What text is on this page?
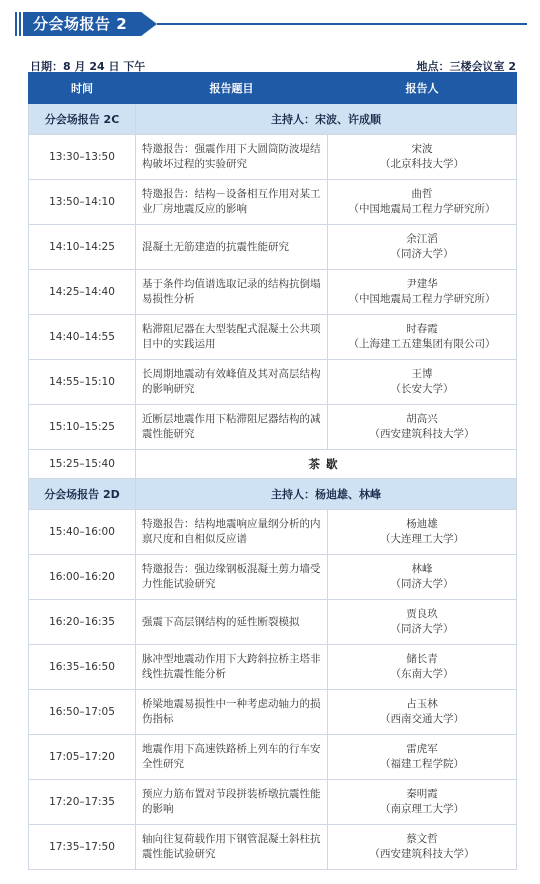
分会场报告 2
日期：8 月 24 日 下午	地点：三楼会议室 2
时间	报告题目	报告人
分会场报告 2C	主持人：宋波、许成顺	
13:30–13:50	特邀报告：强震作用下大圆筒防波堤结构破坏过程的实验研究	宋波
（北京科技大学）

13:50–14:10	特邀报告：结构－设备相互作用对某工业厂房地震反应的影响	曲哲
（中国地震局工程力学研究所）

14:10–14:25	混凝土无筋建造的抗震性能研究	余江滔
（同济大学）

14:25–14:40	基于条件均值谱选取记录的结构抗倒塌易损性分析	尹建华
（中国地震局工程力学研究所）

14:40–14:55	粘滞阻尼器在大型装配式混凝土公共项目中的实践运用	时春霞
（上海建工五建集团有限公司）

14:55–15:10	长周期地震动有效峰值及其对高层结构的影响研究	王博
（长安大学）

15:10–15:25	近断层地震作用下粘滞阻尼器结构的减震性能研究	胡高兴
（西安建筑科技大学）

15:25–15:40	茶歇	
分会场报告 2D	主持人：杨迪雄、林峰	
15:40–16:00	特邀报告：结构地震响应量纲分析的内禀尺度和自相似反应谱	杨迪雄
（大连理工大学）

16:00–16:20	特邀报告：强边缘钢板混凝土剪力墙受力性能试验研究	林峰
（同济大学）

16:20–16:35	强震下高层钢结构的延性断裂模拟	贾良玖
（同济大学）

16:35–16:50	脉冲型地震动作用下大跨斜拉桥主塔非线性抗震性能分析	储长青
（东南大学）

16:50–17:05	桥梁地震易损性中一种考虑动轴力的损伤指标	占玉林
（西南交通大学）

17:05–17:20	地震作用下高速铁路桥上列车的行车安全性研究	雷虎军
（福建工程学院）

17:20–17:35	预应力筋布置对节段拼装桥墩抗震性能的影响	秦明霞
（南京理工大学）

17:35–17:50	轴向往复荷载作用下钢管混凝土斜柱抗震性能试验研究	蔡文哲
（西安建筑科技大学）
